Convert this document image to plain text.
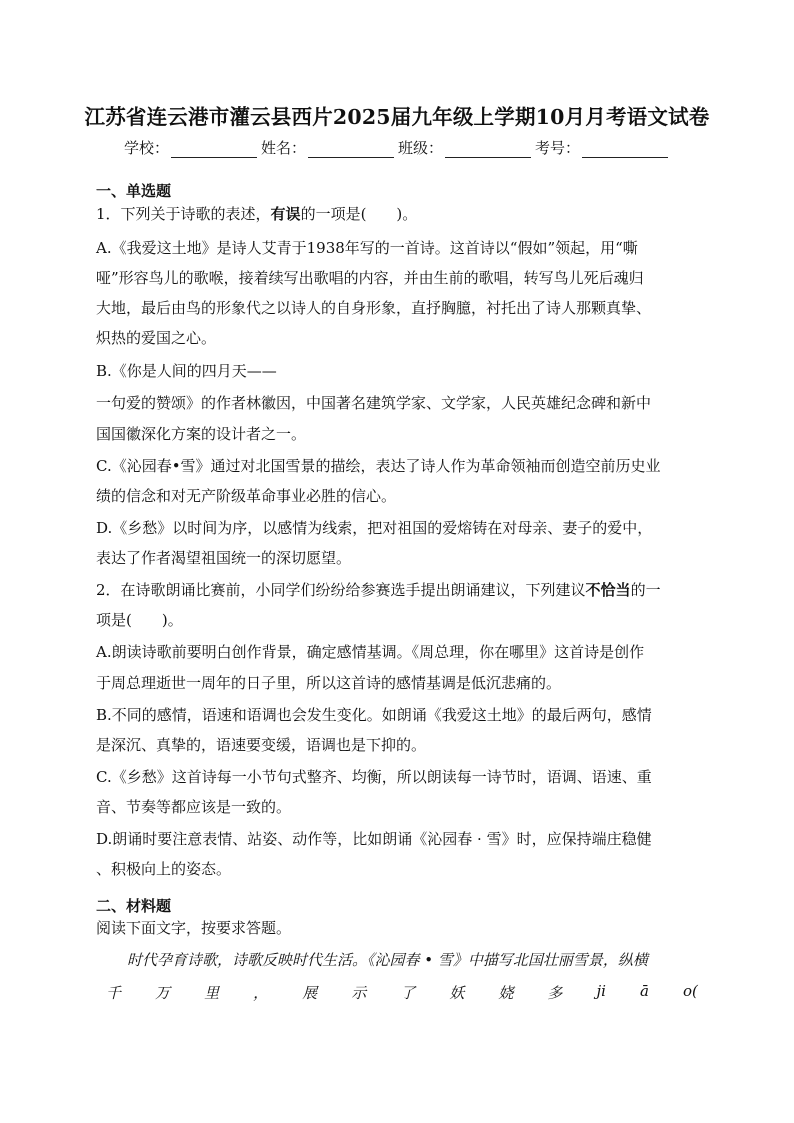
江苏省连云港市灌云县西片2025届九年级上学期10月月考语文试卷
学校：	姓名：	班级：	考号：
一、单选题
1．下列关于诗歌的表述，有误的一项是(　　)。
A.《我爱这土地》是诗人艾青于1938年写的一首诗。这首诗以“假如”领起，用“嘶
哑”形容鸟儿的歌喉，接着续写出歌唱的内容，并由生前的歌唱，转写鸟儿死后魂归
大地，最后由鸟的形象代之以诗人的自身形象，直抒胸臆，衬托出了诗人那颗真挚、
炽热的爱国之心。
B.《你是人间的四月天——
一句爱的赞颂》的作者林徽因，中国著名建筑学家、文学家，人民英雄纪念碑和新中
国国徽深化方案的设计者之一。
C.《沁园春•雪》通过对北国雪景的描绘，表达了诗人作为革命领袖而创造空前历史业
绩的信念和对无产阶级革命事业必胜的信心。
D.《乡愁》以时间为序，以感情为线索，把对祖国的爱熔铸在对母亲、妻子的爱中，
表达了作者渴望祖国统一的深切愿望。
2．在诗歌朗诵比赛前，小同学们纷纷给参赛选手提出朗诵建议，下列建议不恰当的一
项是(　　)。
A.朗读诗歌前要明白创作背景，确定感情基调。《周总理，你在哪里》这首诗是创作
于周总理逝世一周年的日子里，所以这首诗的感情基调是低沉悲痛的。
B.不同的感情，语速和语调也会发生变化。如朗诵《我爱这土地》的最后两句，感情
是深沉、真挚的，语速要变缓，语调也是下抑的。
C.《乡愁》这首诗每一小节句式整齐、均衡，所以朗读每一诗节时，语调、语速、重
音、节奏等都应该是一致的。
D.朗诵时要注意表情、站姿、动作等，比如朗诵《沁园春 · 雪》时，应保持端庄稳健
、积极向上的姿态。
二、材料题
阅读下面文字，按要求答题。
时代孕育诗歌，诗歌反映时代生活。《沁园春 • 雪》中描写北国壮丽雪景，纵横
千 万 里 ， 展 示 了 妖 娆 多 ji ā o(
